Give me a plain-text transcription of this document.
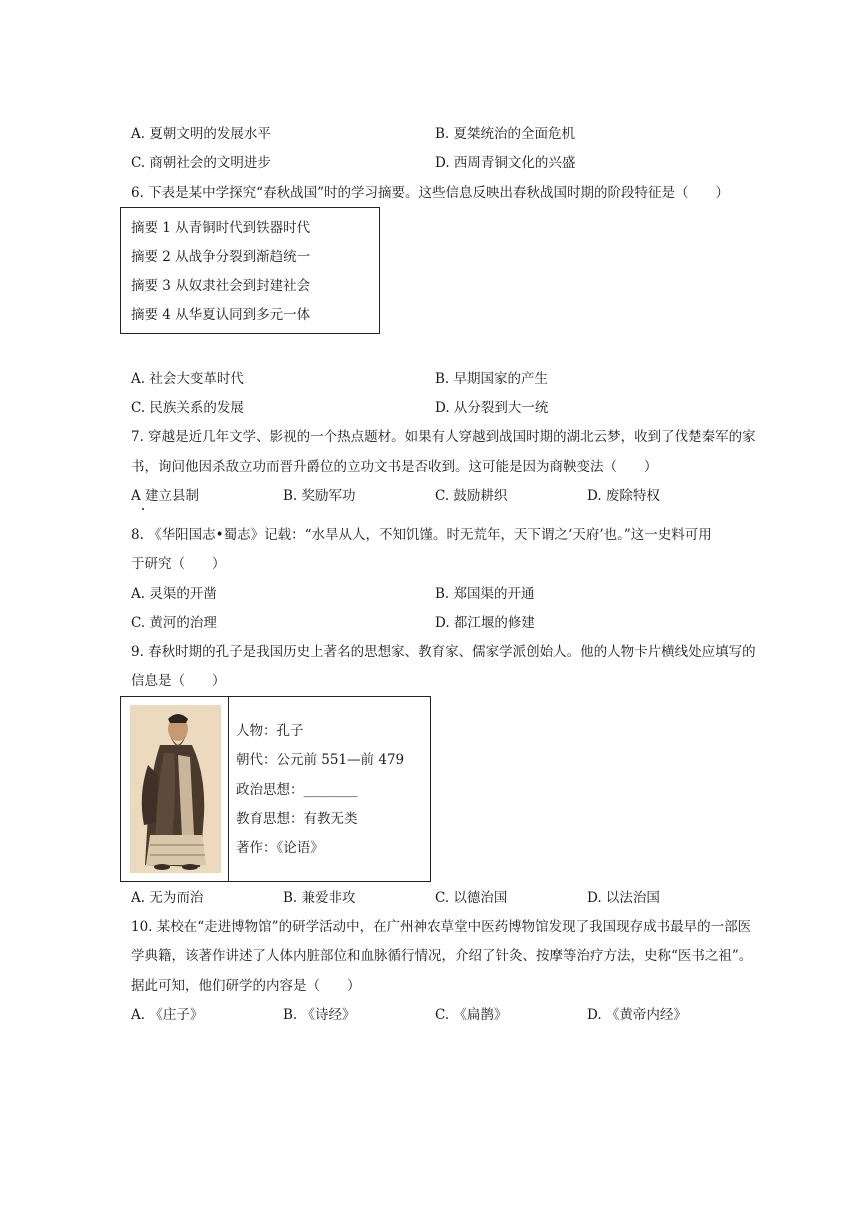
A. 夏朝文明的发展水平	B. 夏桀统治的全面危机
C. 商朝社会的文明进步	D. 西周青铜文化的兴盛
6. 下表是某中学探究“春秋战国”时的学习摘要。这些信息反映出春秋战国时期的阶段特征是（　　）
摘要 1 从青铜时代到铁器时代
摘要 2 从战争分裂到渐趋统一
摘要 3 从奴隶社会到封建社会
摘要 4 从华夏认同到多元一体
A. 社会大变革时代	B. 早期国家的产生
C. 民族关系的发展	D. 从分裂到大一统
7. 穿越是近几年文学、影视的一个热点题材。如果有人穿越到战国时期的湖北云梦，收到了伐楚秦军的家
书，询问他因杀敌立功而晋升爵位的立功文书是否收到。这可能是因为商鞅变法（　　）
A 建立县制	B. 奖励军功	C. 鼓励耕织	D. 废除特权
8. 《华阳国志•蜀志》记载：“水旱从人，不知饥馑。时无荒年，天下谓之‘天府’也。”这一史料可用
于研究（　　）
A. 灵渠的开凿	B. 郑国渠的开通
C. 黄河的治理	D. 都江堰的修建
9. 春秋时期的孔子是我国历史上著名的思想家、教育家、儒家学派创始人。他的人物卡片横线处应填写的
信息是（　　）
人物：孔子
朝代：公元前 551—前 479
政治思想：________
教育思想：有教无类
著作：《论语》
A. 无为而治	B. 兼爱非攻	C. 以德治国	D. 以法治国
10. 某校在“走进博物馆”的研学活动中，在广州神农草堂中医药博物馆发现了我国现存成书最早的一部医
学典籍，该著作讲述了人体内脏部位和血脉循行情况，介绍了针灸、按摩等治疗方法，史称“医书之祖”。
据此可知，他们研学的内容是（　　）
A. 《庄子》	B. 《诗经》	C. 《扁鹊》	D. 《黄帝内经》
